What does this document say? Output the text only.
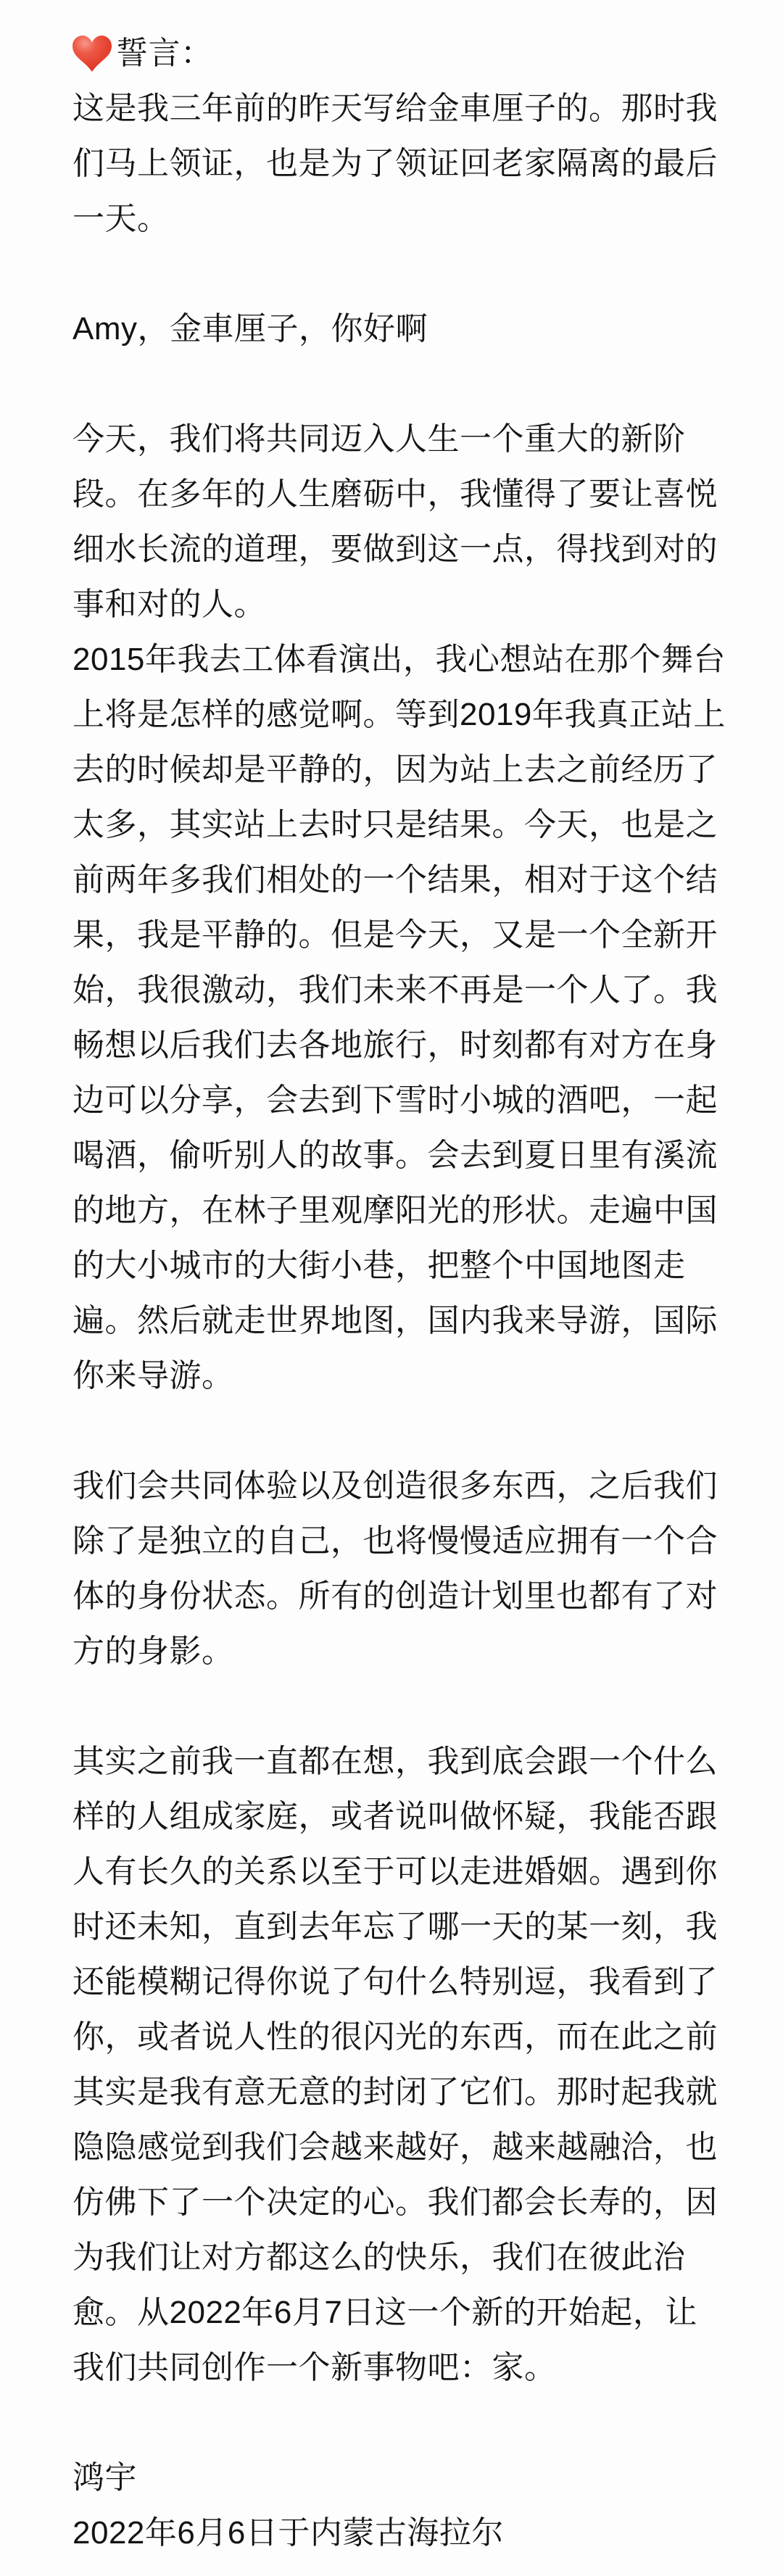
誓言：

这是我三年前的昨天写给金車厘子的。那时我们马上领证，也是为了领证回老家隔离的最后一天。

Amy，金車厘子，你好啊

今天，我们将共同迈入人生一个重大的新阶段。在多年的人生磨砺中，我懂得了要让喜悦细水长流的道理，要做到这一点，得找到对的事和对的人。

2015年我去工体看演出，我心想站在那个舞台上将是怎样的感觉啊。等到2019年我真正站上去的时候却是平静的，因为站上去之前经历了太多，其实站上去时只是结果。今天，也是之前两年多我们相处的一个结果，相对于这个结果，我是平静的。但是今天，又是一个全新开始，我很激动，我们未来不再是一个人了。我畅想以后我们去各地旅行，时刻都有对方在身边可以分享，会去到下雪时小城的酒吧，一起喝酒，偷听别人的故事。会去到夏日里有溪流的地方，在林子里观摩阳光的形状。走遍中国的大小城市的大街小巷，把整个中国地图走遍。然后就走世界地图，国内我来导游，国际你来导游。

我们会共同体验以及创造很多东西，之后我们除了是独立的自己，也将慢慢适应拥有一个合体的身份状态。所有的创造计划里也都有了对方的身影。

其实之前我一直都在想，我到底会跟一个什么样的人组成家庭，或者说叫做怀疑，我能否跟人有长久的关系以至于可以走进婚姻。遇到你时还未知，直到去年忘了哪一天的某一刻，我还能模糊记得你说了句什么特别逗，我看到了你，或者说人性的很闪光的东西，而在此之前其实是我有意无意的封闭了它们。那时起我就隐隐感觉到我们会越来越好，越来越融洽，也仿佛下了一个决定的心。我们都会长寿的，因为我们让对方都这么的快乐，我们在彼此治愈。从2022年6月7日这一个新的开始起，让我们共同创作一个新事物吧：家。

鸿宇

2022年6月6日于内蒙古海拉尔
